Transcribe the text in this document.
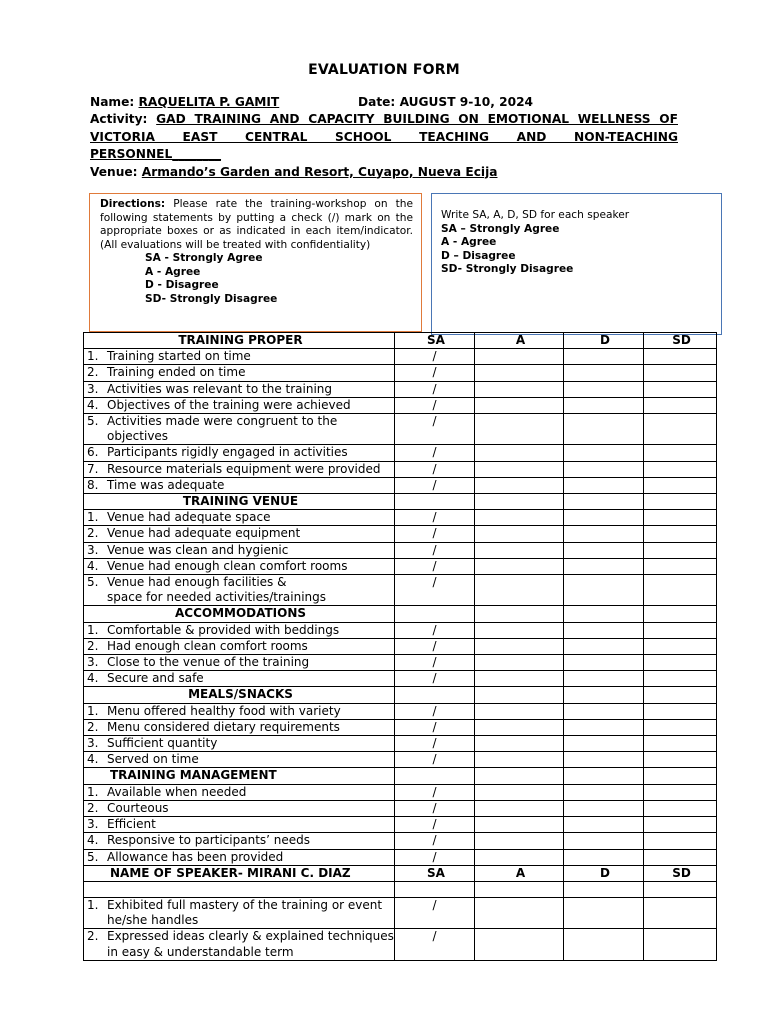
EVALUATION FORM
Name: RAQUELITA P. GAMIT	Date: AUGUST 9-10, 2024
Activity: GAD TRAINING AND CAPACITY BUILDING ON EMOTIONAL WELLNESS OF
VICTORIA EAST CENTRAL SCHOOL TEACHING AND NON-TEACHING
PERSONNEL________
Venue: Armando’s Garden and Resort, Cuyapo, Nueva Ecija
Directions: Please rate the training-workshop on the following statements by putting a check (/) mark on the appropriate boxes or as indicated in each item/indicator. (All evaluations will be treated with confidentiality)
SA - Strongly Agree
A - Agree
D - Disagree
SD- Strongly Disagree
Write SA, A, D, SD for each speaker
SA – Strongly Agree
A - Agree
D – Disagree
SD- Strongly Disagree
TRAINING PROPER	SA	A	D	SD

1. Training started on time	/			

2. Training ended on time	/			

3. Activities was relevant to the training	/			

4. Objectives of the training were achieved	/			

5. Activities made were congruent to the objectives	/			

6. Participants rigidly engaged in activities	/			

7. Resource materials equipment were provided	/			

8. Time was adequate	/			
TRAINING VENUE				

1. Venue had adequate space	/			

2. Venue had adequate equipment	/			

3. Venue was clean and hygienic	/			

4. Venue had enough clean comfort rooms	/			

5. Venue had enough facilities &
space for needed activities/trainings	/			
ACCOMMODATIONS				

1. Comfortable & provided with beddings	/			

2. Had enough clean comfort rooms	/			

3. Close to the venue of the training	/			

4. Secure and safe	/			
MEALS/SNACKS				

1. Menu offered healthy food with variety	/			

2. Menu considered dietary requirements	/			

3. Sufficient quantity	/			

4. Served on time	/			
TRAINING MANAGEMENT				

1. Available when needed	/			

2. Courteous	/			

3. Efficient	/			

4. Responsive to participants’ needs	/			

5. Allowance has been provided	/			
NAME OF SPEAKER- MIRANI C. DIAZ	SA	A	D	SD

1. Exhibited full mastery of the training or event he/she handles	/			

2. Expressed ideas clearly & explained techniques in easy & understandable term	/			
